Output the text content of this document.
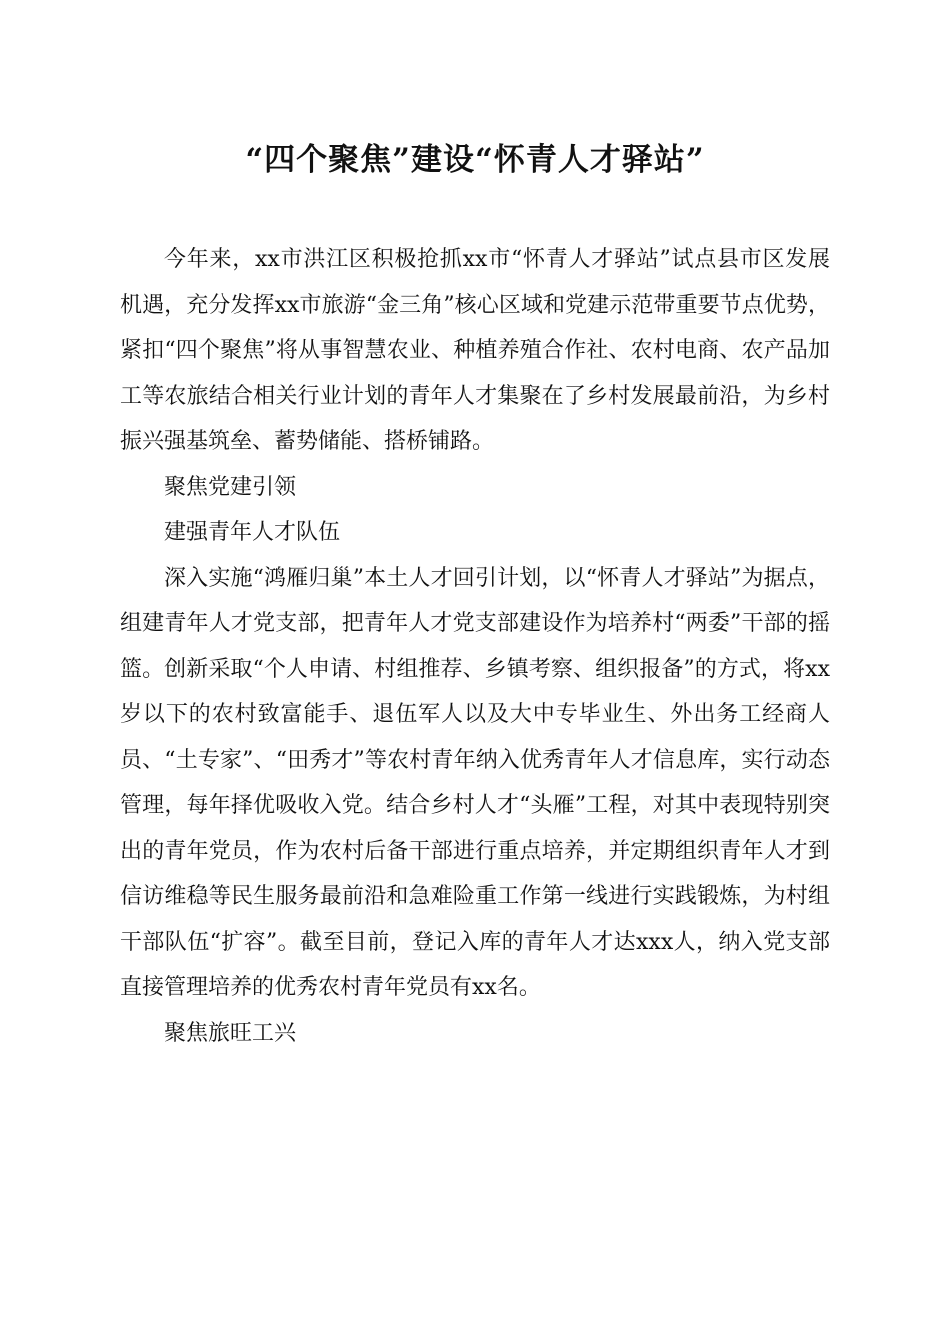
“四个聚焦”建设“怀青人才驿站”

今年来，xx市洪江区积极抢抓xx市“怀青人才驿站”试点县市区发展机遇，充分发挥xx市旅游“金三角”核心区域和党建示范带重要节点优势，紧扣“四个聚焦”将从事智慧农业、种植养殖合作社、农村电商、农产品加工等农旅结合相关行业计划的青年人才集聚在了乡村发展最前沿，为乡村振兴强基筑垒、蓄势储能、搭桥铺路。

聚焦党建引领

建强青年人才队伍

深入实施“鸿雁归巢”本土人才回引计划，以“怀青人才驿站”为据点，组建青年人才党支部，把青年人才党支部建设作为培养村“两委”干部的摇篮。创新采取“个人申请、村组推荐、乡镇考察、组织报备”的方式，将xx岁以下的农村致富能手、退伍军人以及大中专毕业生、外出务工经商人员、“土专家”、“田秀才”等农村青年纳入优秀青年人才信息库，实行动态管理，每年择优吸收入党。结合乡村人才“头雁”工程，对其中表现特别突出的青年党员，作为农村后备干部进行重点培养，并定期组织青年人才到信访维稳等民生服务最前沿和急难险重工作第一线进行实践锻炼，为村组干部队伍“扩容”。截至目前，登记入库的青年人才达xxx人，纳入党支部直接管理培养的优秀农村青年党员有xx名。

聚焦旅旺工兴
